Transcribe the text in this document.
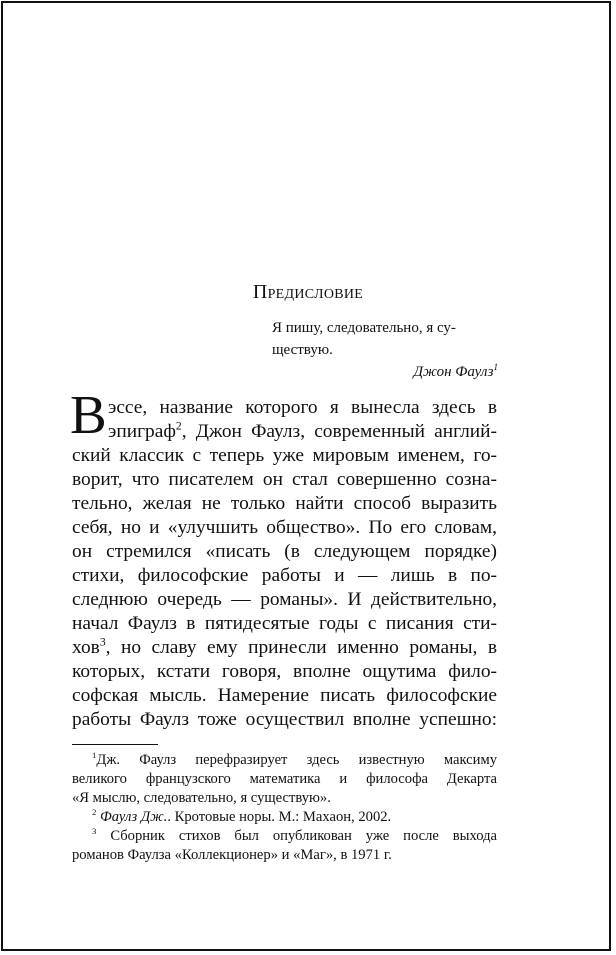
Предисловие
Я пишу, следовательно, я су-
ществую.
Джон Фаулз$^1$
В эссе, название которого я вынесла здесь в
эпиграф$^2$, Джон Фаулз, современный англий-
ский классик с теперь уже мировым именем, го-
ворит, что писателем он стал совершенно созна-
тельно, желая не только найти способ выразить
себя, но и «улучшить общество». По его словам,
он стремился «писать (в следующем порядке)
стихи, философские работы и — лишь в по-
следнюю очередь — романы». И действительно,
начал Фаулз в пятидесятые годы с писания сти-
хов$^3$, но славу ему принесли именно романы, в
которых, кстати говоря, вполне ощутима фило-
софская мысль. Намерение писать философские
работы Фаулз тоже осуществил вполне успешно:
$^1$Дж. Фаулз перефразирует здесь известную максиму
великого французского математика и философа Декарта
«Я мыслю, следовательно, я существую».
$^2$ Фаулз Дж.. Кротовые норы. М.: Махаон, 2002.
$^3$ Сборник стихов был опубликован уже после выхода
романов Фаулза «Коллекционер» и «Маг», в 1971 г.
